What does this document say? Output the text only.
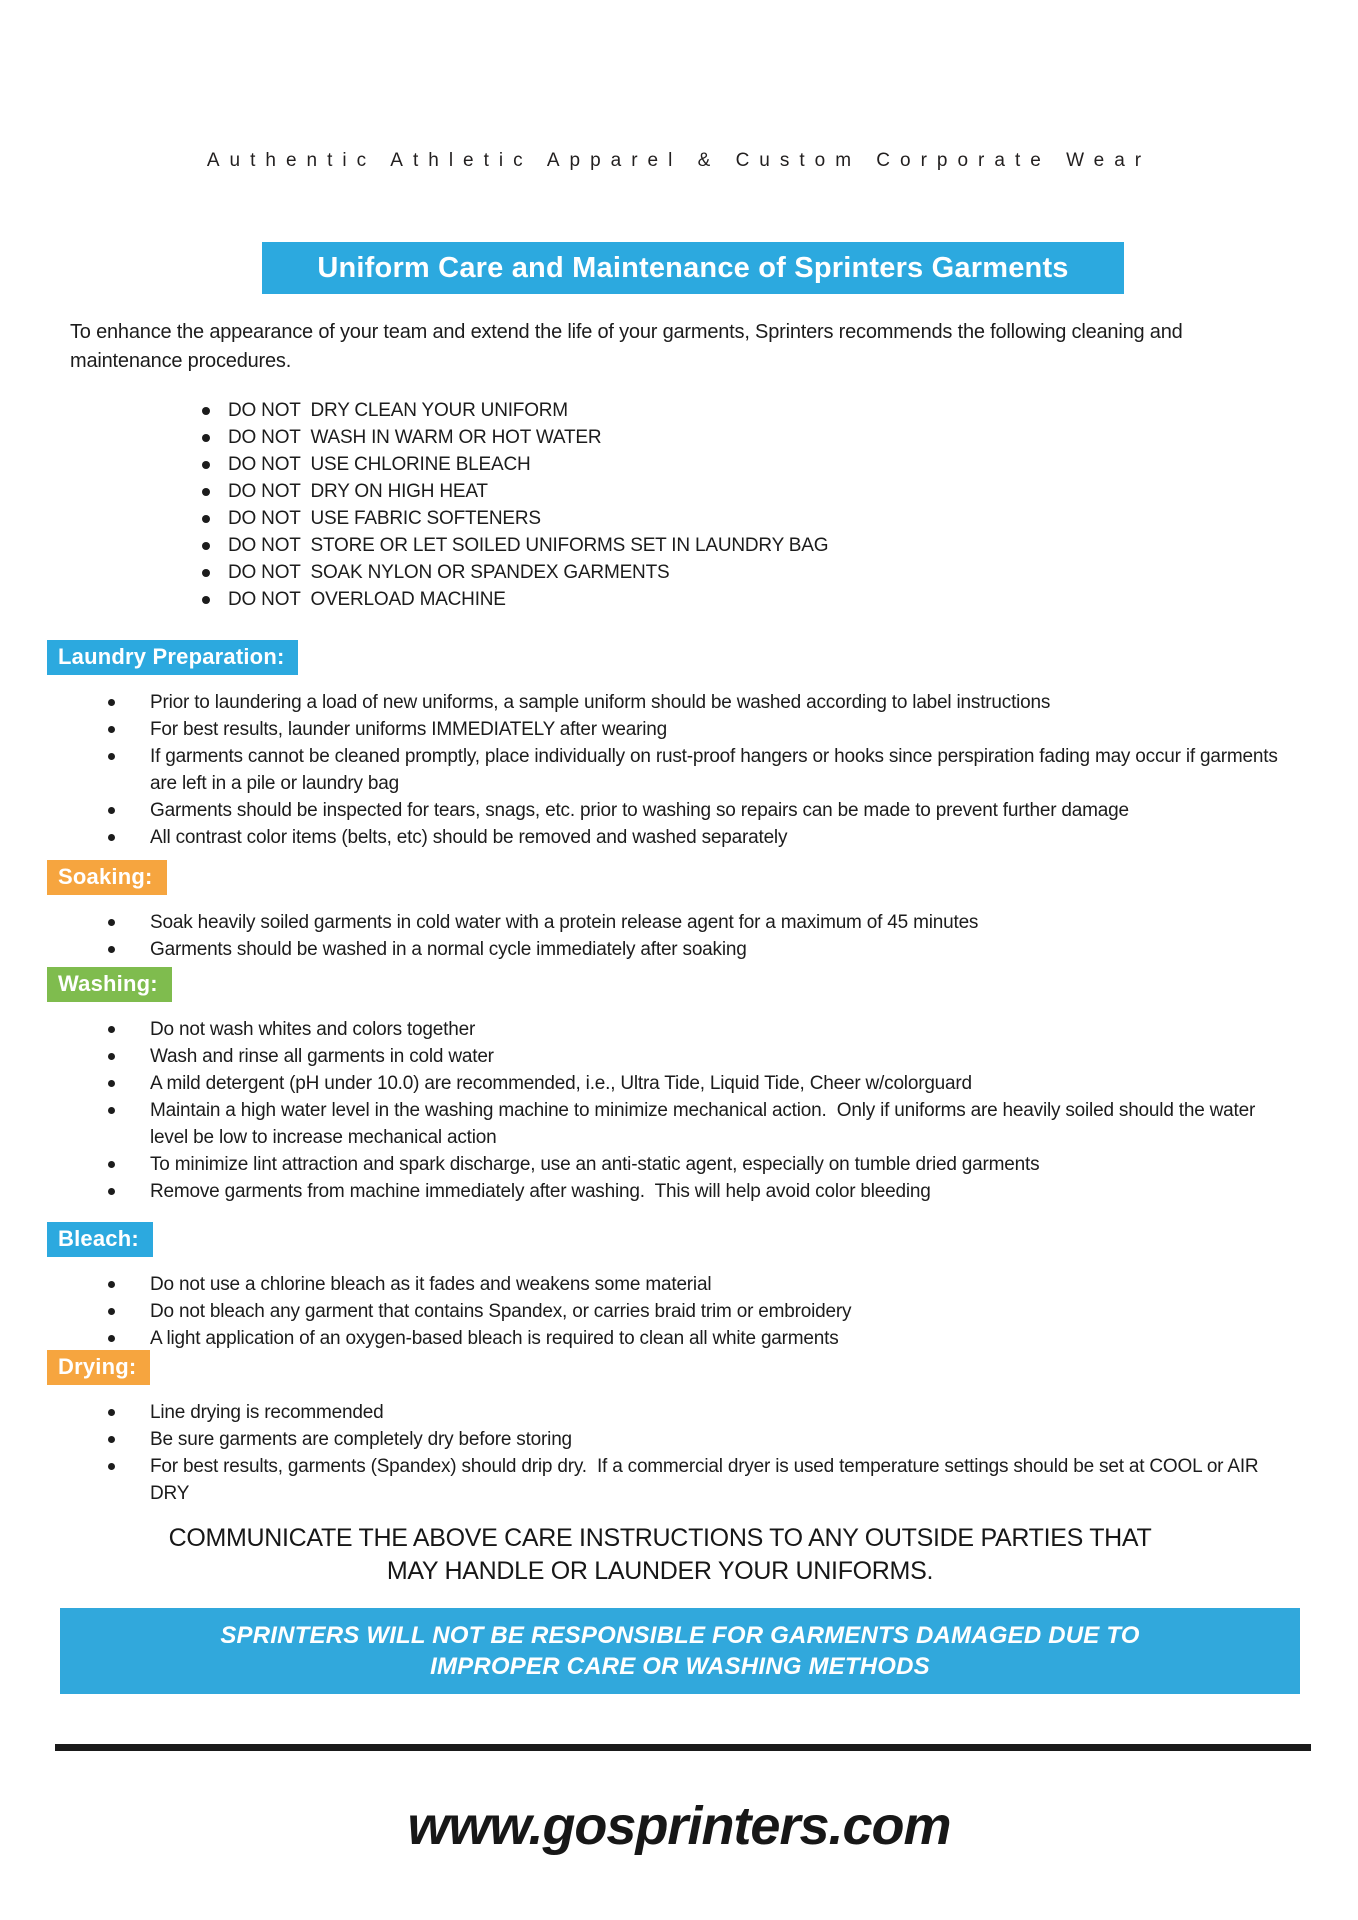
Authentic Athletic Apparel & Custom Corporate Wear
Uniform Care and Maintenance of Sprinters Garments

To enhance the appearance of your team and extend the life of your garments, Sprinters recommends the following cleaning and maintenance procedures.

DO NOT  DRY CLEAN YOUR UNIFORM
DO NOT  WASH IN WARM OR HOT WATER
DO NOT  USE CHLORINE BLEACH
DO NOT  DRY ON HIGH HEAT
DO NOT  USE FABRIC SOFTENERS
DO NOT  STORE OR LET SOILED UNIFORMS SET IN LAUNDRY BAG
DO NOT  SOAK NYLON OR SPANDEX GARMENTS
DO NOT  OVERLOAD MACHINE
Laundry Preparation:
Prior to laundering a load of new uniforms, a sample uniform should be washed according to label instructions
For best results, launder uniforms IMMEDIATELY after wearing
If garments cannot be cleaned promptly, place individually on rust-proof hangers or hooks since perspiration fading may occur if garments are left in a pile or laundry bag
Garments should be inspected for tears, snags, etc. prior to washing so repairs can be made to prevent further damage
All contrast color items (belts, etc) should be removed and washed separately
Soaking:
Soak heavily soiled garments in cold water with a protein release agent for a maximum of 45 minutes
Garments should be washed in a normal cycle immediately after soaking
Washing:
Do not wash whites and colors together
Wash and rinse all garments in cold water
A mild detergent (pH under 10.0) are recommended, i.e., Ultra Tide, Liquid Tide, Cheer w/colorguard
Maintain a high water level in the washing machine to minimize mechanical action.  Only if uniforms are heavily soiled should the water level be low to increase mechanical action
To minimize lint attraction and spark discharge, use an anti-static agent, especially on tumble dried garments
Remove garments from machine immediately after washing.  This will help avoid color bleeding
Bleach:
Do not use a chlorine bleach as it fades and weakens some material
Do not bleach any garment that contains Spandex, or carries braid trim or embroidery
A light application of an oxygen-based bleach is required to clean all white garments
Drying:
Line drying is recommended
Be sure garments are completely dry before storing
For best results, garments (Spandex) should drip dry.  If a commercial dryer is used temperature settings should be set at COOL or AIR DRY
COMMUNICATE THE ABOVE CARE INSTRUCTIONS TO ANY OUTSIDE PARTIES THAT
MAY HANDLE OR LAUNDER YOUR UNIFORMS.
SPRINTERS WILL NOT BE RESPONSIBLE FOR GARMENTS DAMAGED DUE TO
IMPROPER CARE OR WASHING METHODS
www.gosprinters.com
